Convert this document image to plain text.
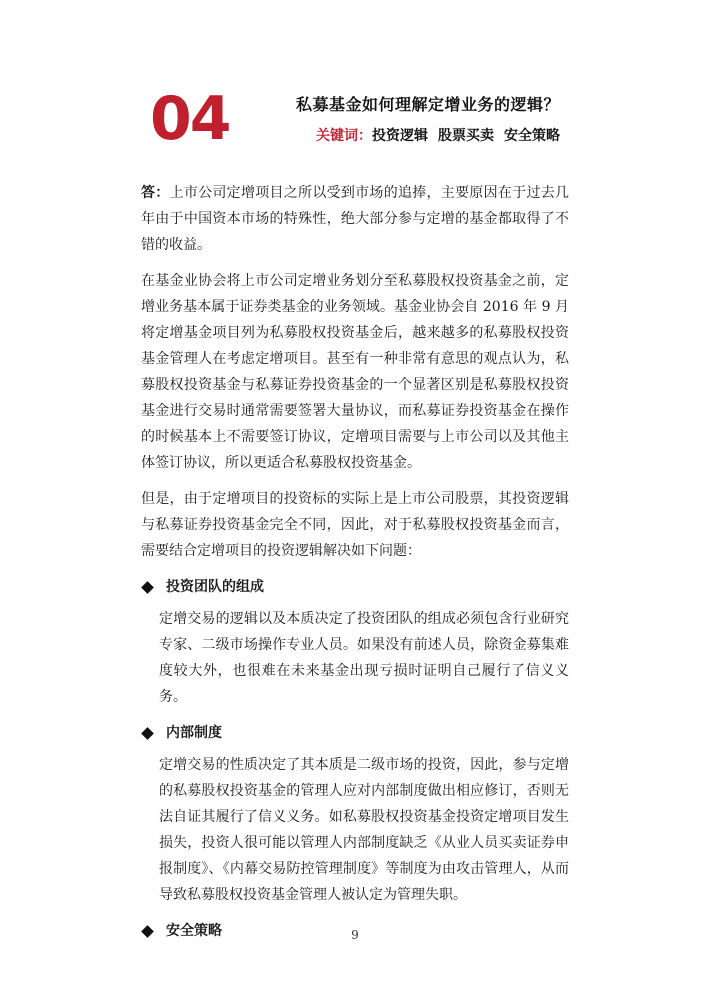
04	私募基金如何理解定增业务的逻辑？
关键词：投资逻辑 股票买卖 安全策略

答：上市公司定增项目之所以受到市场的追捧，主要原因在于过去几年由于中国资本市场的特殊性，绝大部分参与定增的基金都取得了不错的收益。

在基金业协会将上市公司定增业务划分至私募股权投资基金之前，定增业务基本属于证券类基金的业务领域。基金业协会自 2016 年 9 月将定增基金项目列为私募股权投资基金后，越来越多的私募股权投资基金管理人在考虑定增项目。甚至有一种非常有意思的观点认为，私募股权投资基金与私募证券投资基金的一个显著区别是私募股权投资基金进行交易时通常需要签署大量协议，而私募证券投资基金在操作的时候基本上不需要签订协议，定增项目需要与上市公司以及其他主体签订协议，所以更适合私募股权投资基金。

但是，由于定增项目的投资标的实际上是上市公司股票，其投资逻辑与私募证券投资基金完全不同，因此，对于私募股权投资基金而言，需要结合定增项目的投资逻辑解决如下问题：

投资团队的组成

定增交易的逻辑以及本质决定了投资团队的组成必须包含行业研究专家、二级市场操作专业人员。如果没有前述人员，除资金募集难度较大外，也很难在未来基金出现亏损时证明自己履行了信义义务。

内部制度

定增交易的性质决定了其本质是二级市场的投资，因此，参与定增的私募股权投资基金的管理人应对内部制度做出相应修订，否则无法自证其履行了信义义务。如私募股权投资基金投资定增项目发生损失，投资人很可能以管理人内部制度缺乏《从业人员买卖证券申报制度》、《内幕交易防控管理制度》等制度为由攻击管理人，从而导致私募股权投资基金管理人被认定为管理失职。

安全策略	9
